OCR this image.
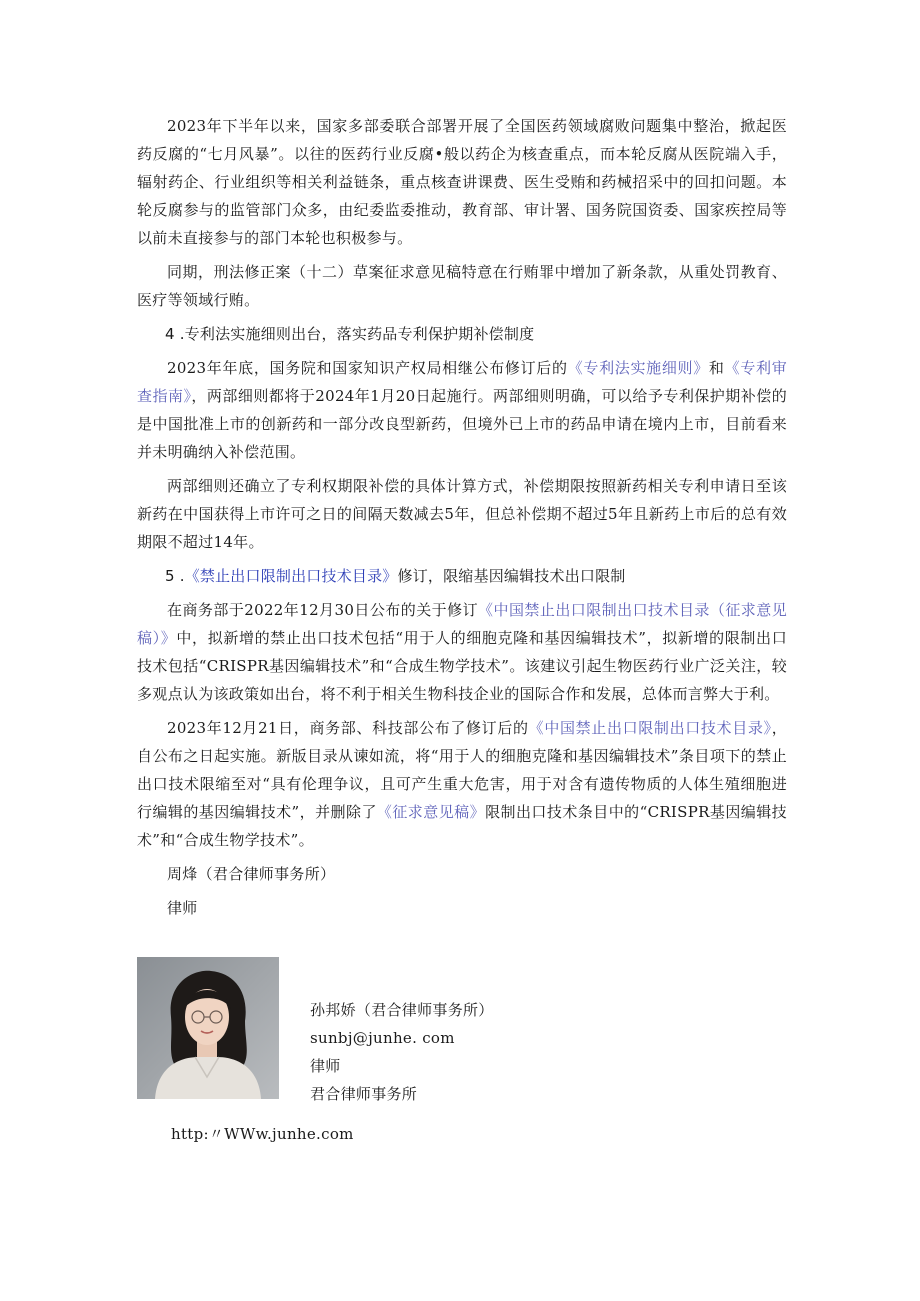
2023年下半年以来，国家多部委联合部署开展了全国医药领域腐败问题集中整治，掀起医药反腐的“七月风暴”。以往的医药行业反腐•般以药企为核查重点，而本轮反腐从医院端入手，辐射药企、行业组织等相关利益链条，重点核查讲课费、医生受贿和药械招采中的回扣问题。本轮反腐参与的监管部门众多，由纪委监委推动，教育部、审计署、国务院国资委、国家疾控局等以前未直接参与的部门本轮也积极参与。

同期，刑法修正案（十二）草案征求意见稿特意在行贿罪中增加了新条款，从重处罚教育、医疗等领域行贿。

4 .专利法实施细则出台，落实药品专利保护期补偿制度

2023年年底，国务院和国家知识产权局相继公布修订后的《专利法实施细则》和《专利审查指南》，两部细则都将于2024年1月20日起施行。两部细则明确，可以给予专利保护期补偿的是中国批准上市的创新药和一部分改良型新药，但境外已上市的药品申请在境内上市，目前看来并未明确纳入补偿范围。

两部细则还确立了专利权期限补偿的具体计算方式，补偿期限按照新药相关专利申请日至该新药在中国获得上市许可之日的间隔天数减去5年，但总补偿期不超过5年且新药上市后的总有效期限不超过14年。

5 .《禁止出口限制出口技术目录》修订，限缩基因编辑技术出口限制

在商务部于2022年12月30日公布的关于修订《中国禁止出口限制出口技术目录（征求意见稿）》中，拟新增的禁止出口技术包括“用于人的细胞克隆和基因编辑技术”，拟新增的限制出口技术包括“CRISPR基因编辑技术”和“合成生物学技术”。该建议引起生物医药行业广泛关注，较多观点认为该政策如出台，将不利于相关生物科技企业的国际合作和发展，总体而言弊大于利。

2023年12月21日，商务部、科技部公布了修订后的《中国禁止出口限制出口技术目录》，自公布之日起实施。新版目录从谏如流，将“用于人的细胞克隆和基因编辑技术”条目项下的禁止出口技术限缩至对“具有伦理争议，且可产生重大危害，用于对含有遗传物质的人体生殖细胞进行编辑的基因编辑技术”，并删除了《征求意见稿》限制出口技术条目中的“CRISPR基因编辑技术”和“合成生物学技术”。

周烽（君合律师事务所）
律师
孙邦娇（君合律师事务所）
sunbj@junhe. com
律师
君合律师事务所
http:〃WWw.junhe.com
